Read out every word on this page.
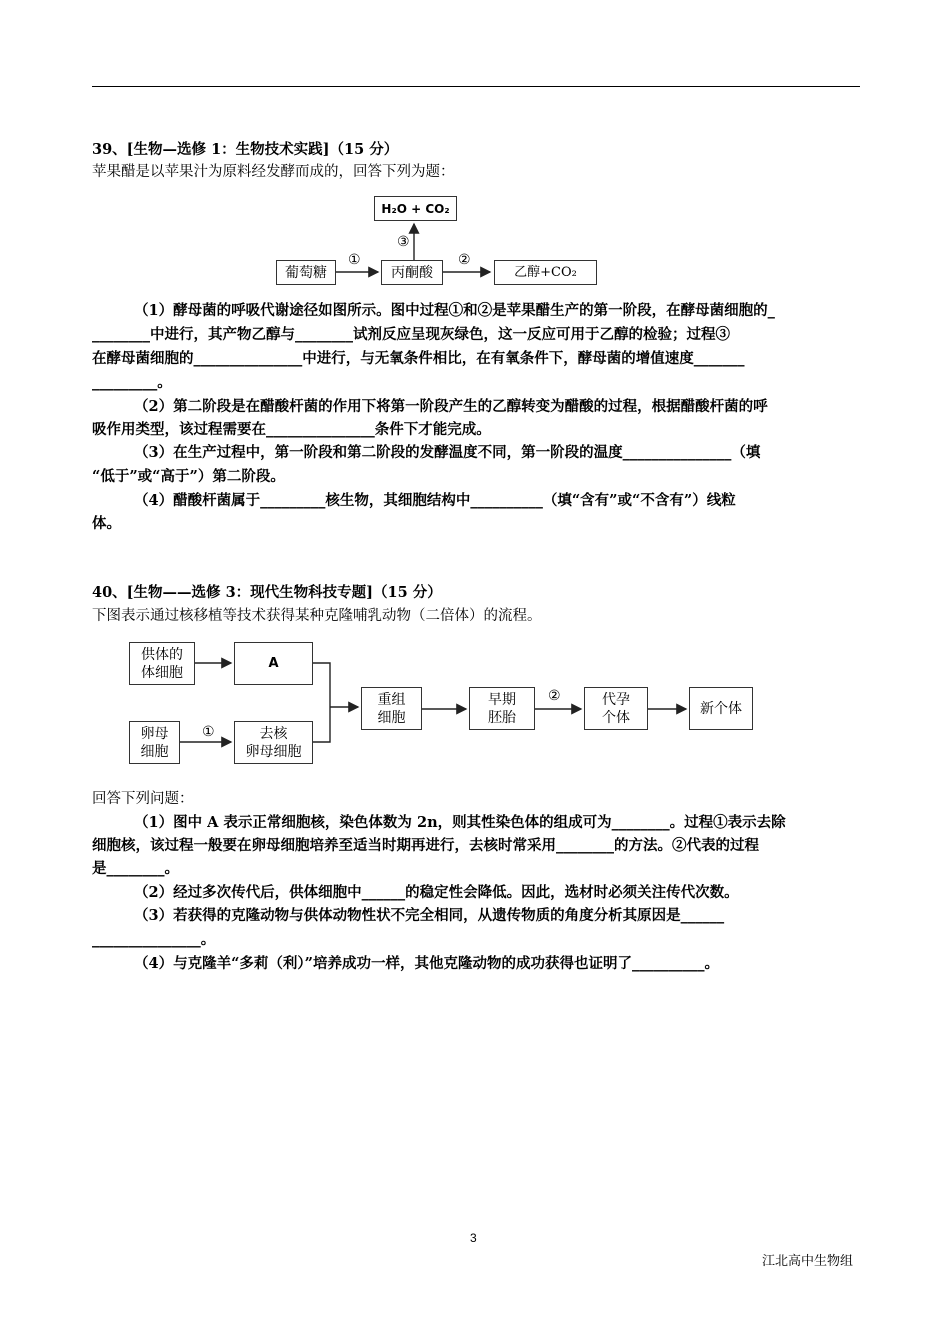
39、[生物—选修 1：生物技术实践]（15 分）
苹果醋是以苹果汁为原料经发酵而成的，回答下列为题：
H₂O + CO₂
③
葡萄糖
①
丙酮酸
②
乙醇+CO₂
（1）酵母菌的呼吸代谢途径如图所示。图中过程①和②是苹果醋生产的第一阶段，在酵母菌细胞的_
________中进行，其产物乙醇与________试剂反应呈现灰绿色，这一反应可用于乙醇的检验；过程③
在酵母菌细胞的_______________中进行，与无氧条件相比，在有氧条件下，酵母菌的增值速度_______
_________。
（2）第二阶段是在醋酸杆菌的作用下将第一阶段产生的乙醇转变为醋酸的过程，根据醋酸杆菌的呼
吸作用类型，该过程需要在_______________条件下才能完成。
（3）在生产过程中，第一阶段和第二阶段的发酵温度不同，第一阶段的温度_______________（填
“低于”或“高于”）第二阶段。
（4）醋酸杆菌属于_________核生物，其细胞结构中__________（填“含有”或“不含有”）线粒
体。
40、[生物——选修 3：现代生物科技专题]（15 分）
下图表示通过核移植等技术获得某种克隆哺乳动物（二倍体）的流程。
供体的
体细胞
A
卵母
细胞
①	去核
卵母细胞
重组
细胞
早期
胚胎
②	代孕
个体
新个体
回答下列问题：
（1）图中 A 表示正常细胞核，染色体数为 2n，则其性染色体的组成可为________。过程①表示去除
细胞核，该过程一般要在卵母细胞培养至适当时期再进行，去核时常采用________的方法。②代表的过程
是________。
（2）经过多次传代后，供体细胞中______的稳定性会降低。因此，选材时必须关注传代次数。
（3）若获得的克隆动物与供体动物性状不完全相同，从遗传物质的角度分析其原因是______
_______________。
（4）与克隆羊“多莉（利）”培养成功一样，其他克隆动物的成功获得也证明了__________。
3
江北高中生物组
